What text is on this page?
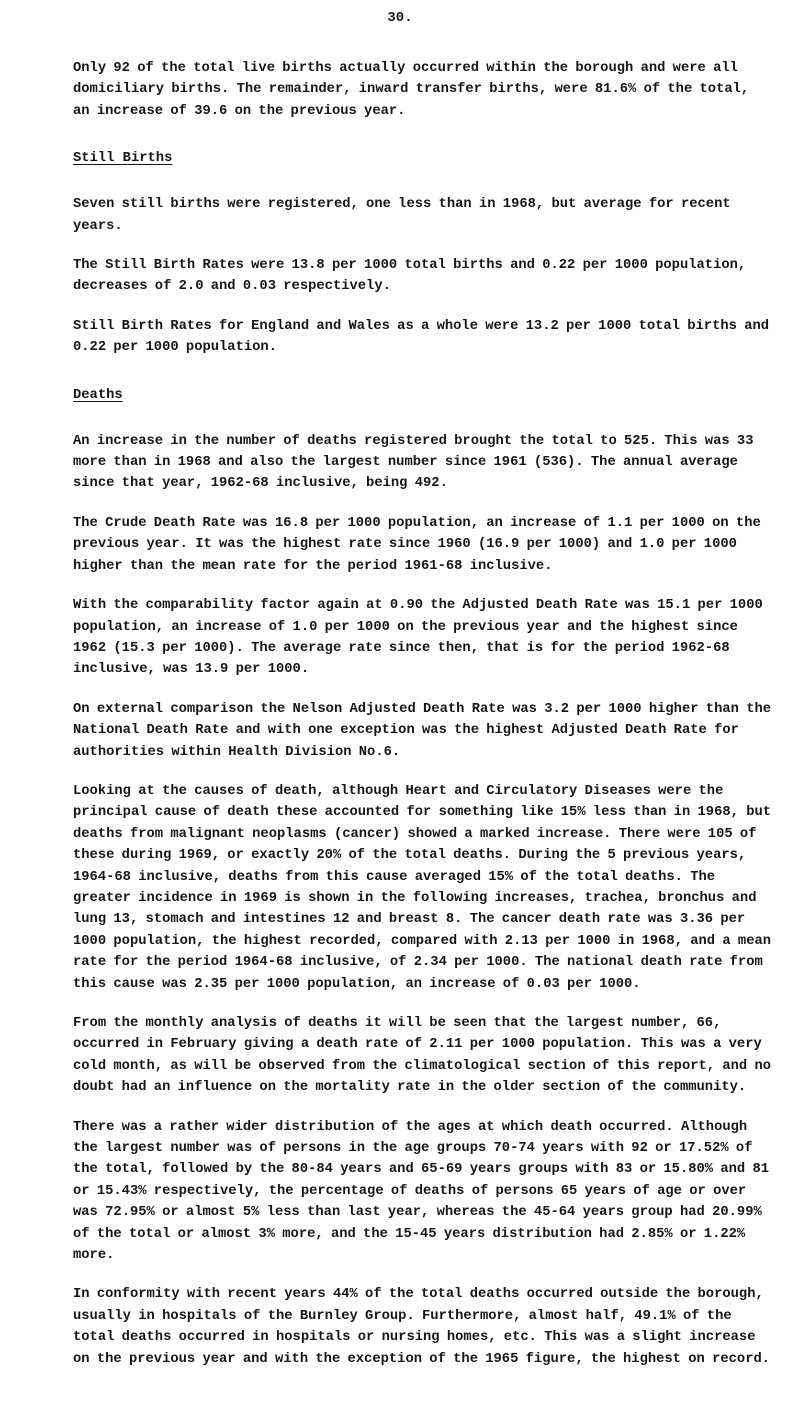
30.

Only 92 of the total live births actually occurred within the borough and were all domiciliary births. The remainder, inward transfer births, were 81.6% of the total, an increase of 39.6 on the previous year.

Still Births

Seven still births were registered, one less than in 1968, but average for recent years.

The Still Birth Rates were 13.8 per 1000 total births and 0.22 per 1000 population, decreases of 2.0 and 0.03 respectively.

Still Birth Rates for England and Wales as a whole were 13.2 per 1000 total births and 0.22 per 1000 population.

Deaths

An increase in the number of deaths registered brought the total to 525. This was 33 more than in 1968 and also the largest number since 1961 (536). The annual average since that year, 1962-68 inclusive, being 492.

The Crude Death Rate was 16.8 per 1000 population, an increase of 1.1 per 1000 on the previous year. It was the highest rate since 1960 (16.9 per 1000) and 1.0 per 1000 higher than the mean rate for the period 1961-68 inclusive.

With the comparability factor again at 0.90 the Adjusted Death Rate was 15.1 per 1000 population, an increase of 1.0 per 1000 on the previous year and the highest since 1962 (15.3 per 1000). The average rate since then, that is for the period 1962-68 inclusive, was 13.9 per 1000.

On external comparison the Nelson Adjusted Death Rate was 3.2 per 1000 higher than the National Death Rate and with one exception was the highest Adjusted Death Rate for authorities within Health Division No.6.

Looking at the causes of death, although Heart and Circulatory Diseases were the principal cause of death these accounted for something like 15% less than in 1968, but deaths from malignant neoplasms (cancer) showed a marked increase. There were 105 of these during 1969, or exactly 20% of the total deaths. During the 5 previous years, 1964-68 inclusive, deaths from this cause averaged 15% of the total deaths. The greater incidence in 1969 is shown in the following increases, trachea, bronchus and lung 13, stomach and intestines 12 and breast 8. The cancer death rate was 3.36 per 1000 population, the highest recorded, compared with 2.13 per 1000 in 1968, and a mean rate for the period 1964-68 inclusive, of 2.34 per 1000. The national death rate from this cause was 2.35 per 1000 population, an increase of 0.03 per 1000.

From the monthly analysis of deaths it will be seen that the largest number, 66, occurred in February giving a death rate of 2.11 per 1000 population. This was a very cold month, as will be observed from the climatological section of this report, and no doubt had an influence on the mortality rate in the older section of the community.

There was a rather wider distribution of the ages at which death occurred. Although the largest number was of persons in the age groups 70-74 years with 92 or 17.52% of the total, followed by the 80-84 years and 65-69 years groups with 83 or 15.80% and 81 or 15.43% respectively, the percentage of deaths of persons 65 years of age or over was 72.95% or almost 5% less than last year, whereas the 45-64 years group had 20.99% of the total or almost 3% more, and the 15-45 years distribution had 2.85% or 1.22% more.

In conformity with recent years 44% of the total deaths occurred outside the borough, usually in hospitals of the Burnley Group. Furthermore, almost half, 49.1% of the total deaths occurred in hospitals or nursing homes, etc. This was a slight increase on the previous year and with the exception of the 1965 figure, the highest on record.
